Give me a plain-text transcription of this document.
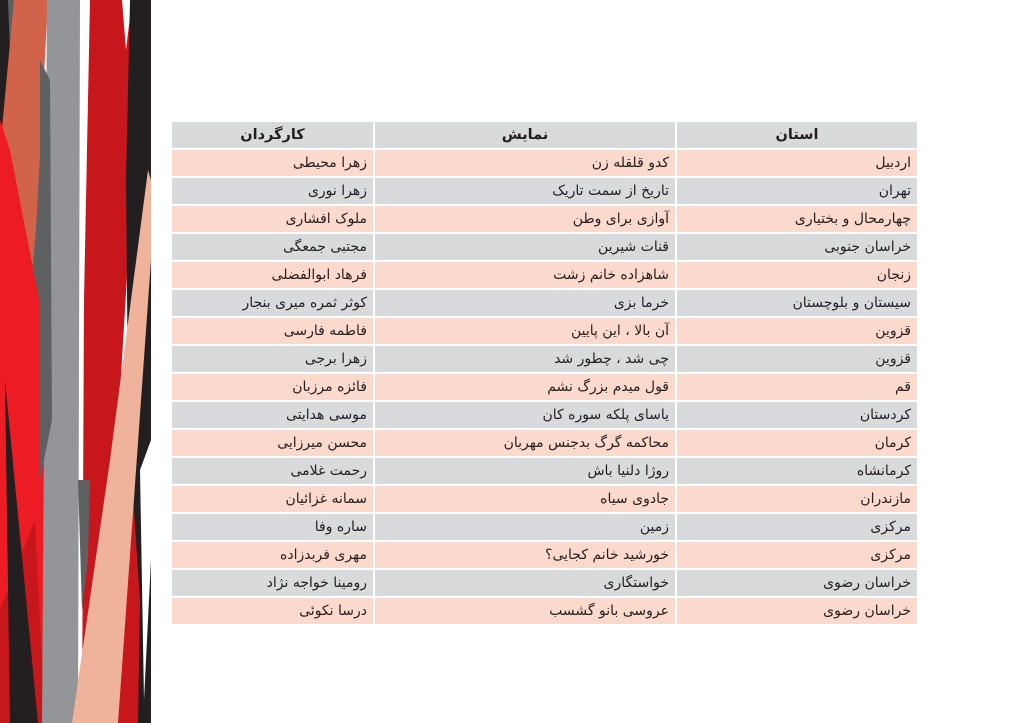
استان	نمایش	کارگردان
اردبیل	کدو قلقله زن	زهرا محیطی
تهران	تاریخ از سمت تاریک	زهرا نوری
چهارمحال و بختیاری	آوازی برای وطن	ملوک افشاری
خراسان جنوبی	قنات شیرین	مجتبی جمعگی
زنجان	شاهزاده خانم زشت	فرهاد ابوالفضلی
سیستان و بلوچستان	خرما بزی	کوثر ثمره میری بنجار
قزوین	آن بالا ، این پایین	فاطمه فارسی
قزوین	چی شد ، چطور شد	زهرا برجی
قم	قول میدم بزرگ نشم	فائزه مرزبان
کردستان	یاسای پلکه سوره کان	موسی هدایتی
کرمان	محاکمه گرگ بدجنس مهربان	محسن میرزایی
کرمانشاه	روژا دلنیا باش	رحمت غلامی
مازندران	جادوی سیاه	سمانه غزائیان
مرکزی	زمین	ساره وفا
مرکزی	خورشید خانم کجایی؟	مهری فربدزاده
خراسان رضوی	خواستگاری	رومینا خواجه نژاد
خراسان رضوی	عروسی بانو گشسب	درسا نکوئی
